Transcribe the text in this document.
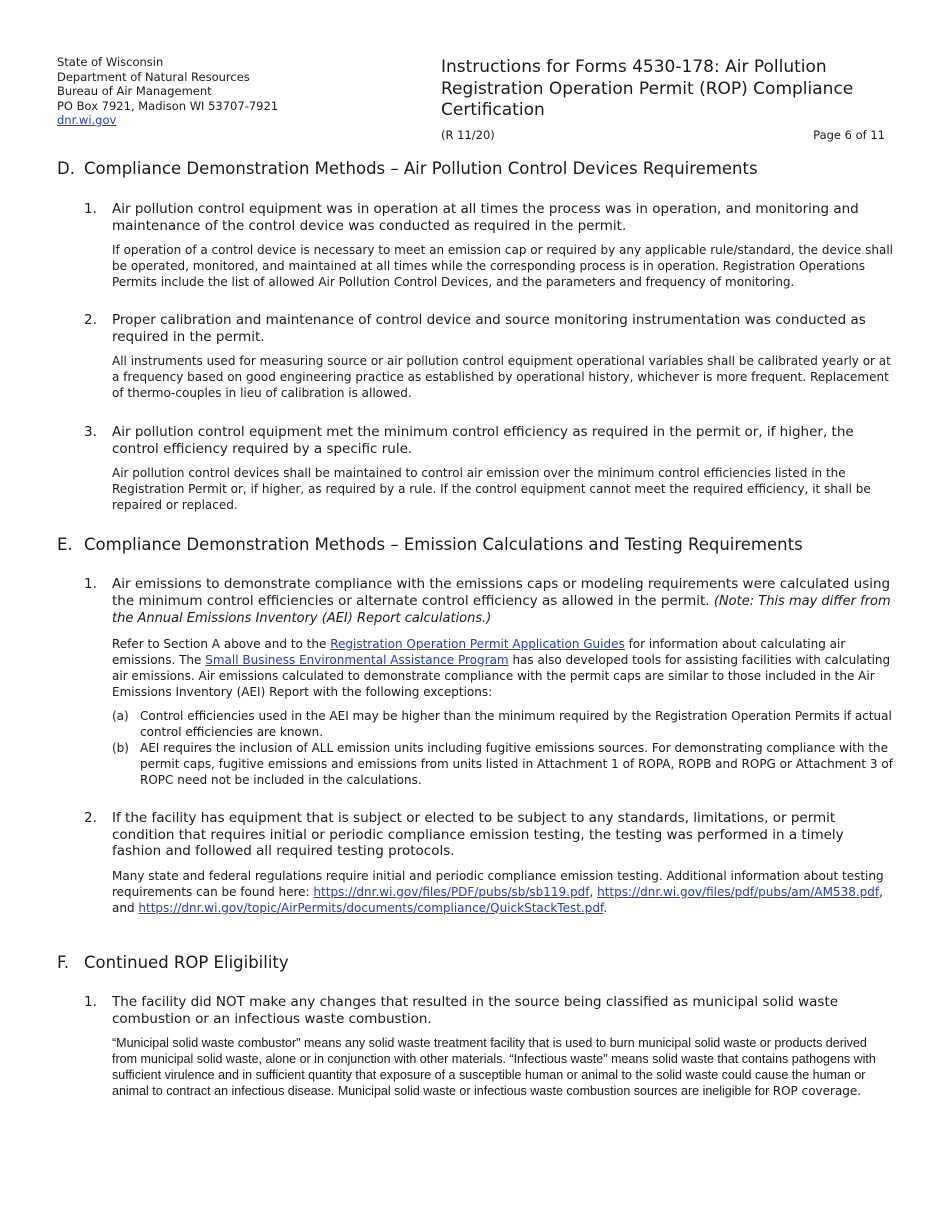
State of Wisconsin
Department of Natural Resources
Bureau of Air Management
PO Box 7921, Madison WI 53707-7921
dnr.wi.gov
Instructions for Forms 4530-178: Air Pollution Registration Operation Permit (ROP) Compliance Certification
(R 11/20)	Page 6 of 11
D. Compliance Demonstration Methods – Air Pollution Control Devices Requirements
1.	Air pollution control equipment was in operation at all times the process was in operation, and monitoring and maintenance of the control device was conducted as required in the permit.
If operation of a control device is necessary to meet an emission cap or required by any applicable rule/standard, the device shall be operated, monitored, and maintained at all times while the corresponding process is in operation. Registration Operations Permits include the list of allowed Air Pollution Control Devices, and the parameters and frequency of monitoring.
2.	Proper calibration and maintenance of control device and source monitoring instrumentation was conducted as required in the permit.
All instruments used for measuring source or air pollution control equipment operational variables shall be calibrated yearly or at a frequency based on good engineering practice as established by operational history, whichever is more frequent. Replacement of thermo-couples in lieu of calibration is allowed.
3.	Air pollution control equipment met the minimum control efficiency as required in the permit or, if higher, the control efficiency required by a specific rule.
Air pollution control devices shall be maintained to control air emission over the minimum control efficiencies listed in the Registration Permit or, if higher, as required by a rule. If the control equipment cannot meet the required efficiency, it shall be repaired or replaced.
E. Compliance Demonstration Methods – Emission Calculations and Testing Requirements
1.	Air emissions to demonstrate compliance with the emissions caps or modeling requirements were calculated using the minimum control efficiencies or alternate control efficiency as allowed in the permit. (Note: This may differ from the Annual Emissions Inventory (AEI) Report calculations.)
Refer to Section A above and to the Registration Operation Permit Application Guides for information about calculating air emissions. The Small Business Environmental Assistance Program has also developed tools for assisting facilities with calculating air emissions. Air emissions calculated to demonstrate compliance with the permit caps are similar to those included in the Air Emissions Inventory (AEI) Report with the following exceptions:
(a) Control efficiencies used in the AEI may be higher than the minimum required by the Registration Operation Permits if actual control efficiencies are known.
(b) AEI requires the inclusion of ALL emission units including fugitive emissions sources. For demonstrating compliance with the permit caps, fugitive emissions and emissions from units listed in Attachment 1 of ROPA, ROPB and ROPG or Attachment 3 of ROPC need not be included in the calculations.
2.	If the facility has equipment that is subject or elected to be subject to any standards, limitations, or permit condition that requires initial or periodic compliance emission testing, the testing was performed in a timely fashion and followed all required testing protocols.
Many state and federal regulations require initial and periodic compliance emission testing. Additional information about testing requirements can be found here: https://dnr.wi.gov/files/PDF/pubs/sb/sb119.pdf, https://dnr.wi.gov/files/pdf/pubs/am/AM538.pdf, and https://dnr.wi.gov/topic/AirPermits/documents/compliance/QuickStackTest.pdf.
F. Continued ROP Eligibility
1.	The facility did NOT make any changes that resulted in the source being classified as municipal solid waste combustion or an infectious waste combustion.
“Municipal solid waste combustor" means any solid waste treatment facility that is used to burn municipal solid waste or products derived from municipal solid waste, alone or in conjunction with other materials. “Infectious waste" means solid waste that contains pathogens with sufficient virulence and in sufficient quantity that exposure of a susceptible human or animal to the solid waste could cause the human or animal to contract an infectious disease. Municipal solid waste or infectious waste combustion sources are ineligible for ROP coverage.
